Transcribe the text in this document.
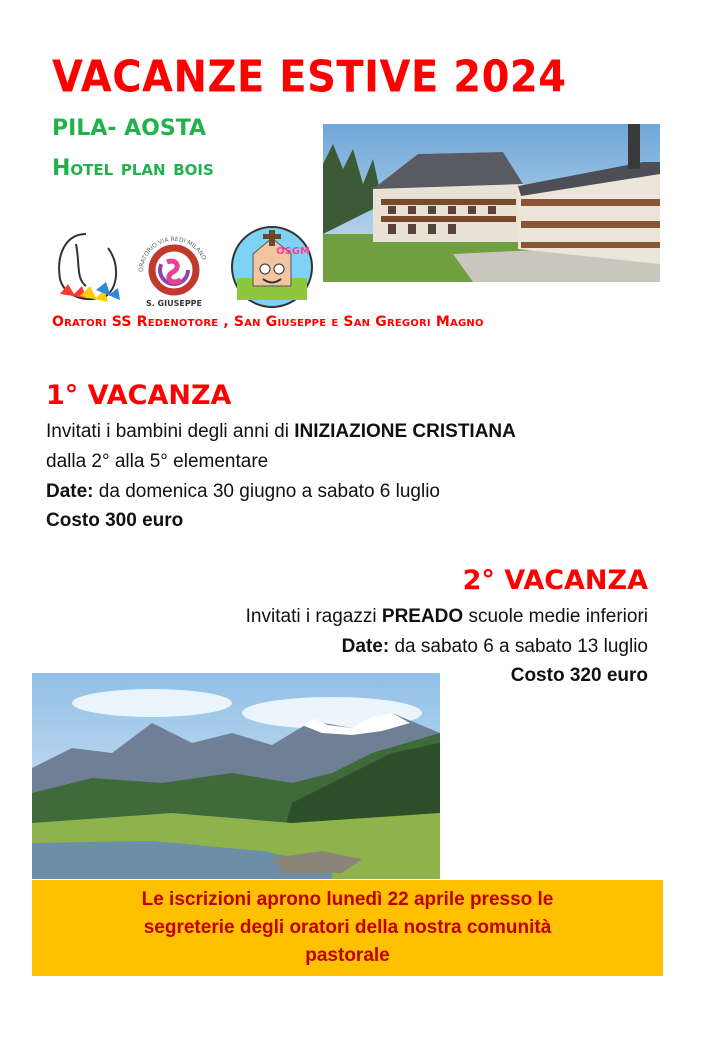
VACANZE ESTIVE 2024
PILA- AOSTA
Hotel plan bois
ORATORIO VIA REDI MILANO
S. GIUSEPPE
OSGM
Oratori SS Redenotore , San Giuseppe e San Gregori Magno
1° VACANZA
Invitati i bambini degli anni di INIZIAZIONE CRISTIANA
dalla 2° alla 5° elementare
Date: da domenica 30 giugno a sabato 6 luglio
Costo 300 euro
2° VACANZA
Invitati i ragazzi PREADO scuole medie inferiori
Date: da sabato 6 a sabato 13 luglio
Costo 320 euro
Le iscrizioni aprono lunedì 22 aprile presso le segreterie degli oratori della nostra comunità pastorale
